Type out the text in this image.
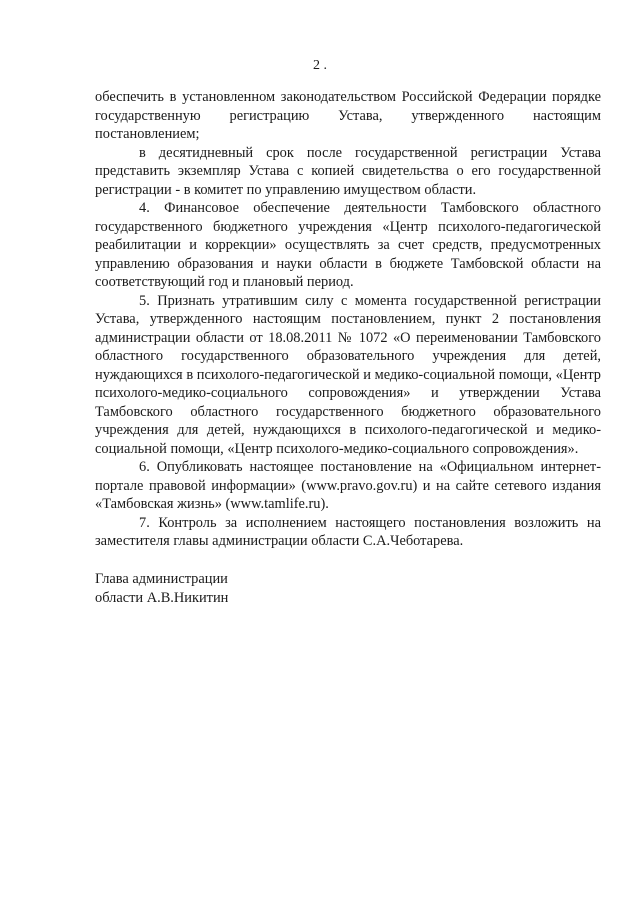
2 .

обеспечить в установленном законодательством Российской Федерации порядке государственную регистрацию Устава, утвержденного настоящим постановлением;

в десятидневный срок после государственной регистрации Устава представить экземпляр Устава с копией свидетельства о его государственной регистрации - в комитет по управлению имуществом области.

4. Финансовое обеспечение деятельности Тамбовского областного государственного бюджетного учреждения «Центр психолого-педагогической реабилитации и коррекции» осуществлять за счет средств, предусмотренных управлению образования и науки области в бюджете Тамбовской области на соответствующий год и плановый период.

5. Признать утратившим силу с момента государственной регистрации Устава, утвержденного настоящим постановлением, пункт 2 постановления администрации области от 18.08.2011 № 1072 «О переименовании Тамбовского областного государственного образовательного учреждения для детей, нуждающихся в психолого-педагогической и медико-социальной помощи, «Центр психолого-медико-социального сопровождения» и утверждении Устава Тамбовского областного государственного бюджетного образовательного учреждения для детей, нуждающихся в психолого-педагогической и медико-социальной помощи, «Центр психолого-медико-социального сопровождения».

6. Опубликовать настоящее постановление на «Официальном интернет-портале правовой информации» (www.pravo.gov.ru) и на сайте сетевого издания «Тамбовская жизнь» (www.tamlife.ru).

7. Контроль за исполнением настоящего постановления возложить на заместителя главы администрации области С.А.Чеботарева.

Глава администрации
области А.В.Никитин
